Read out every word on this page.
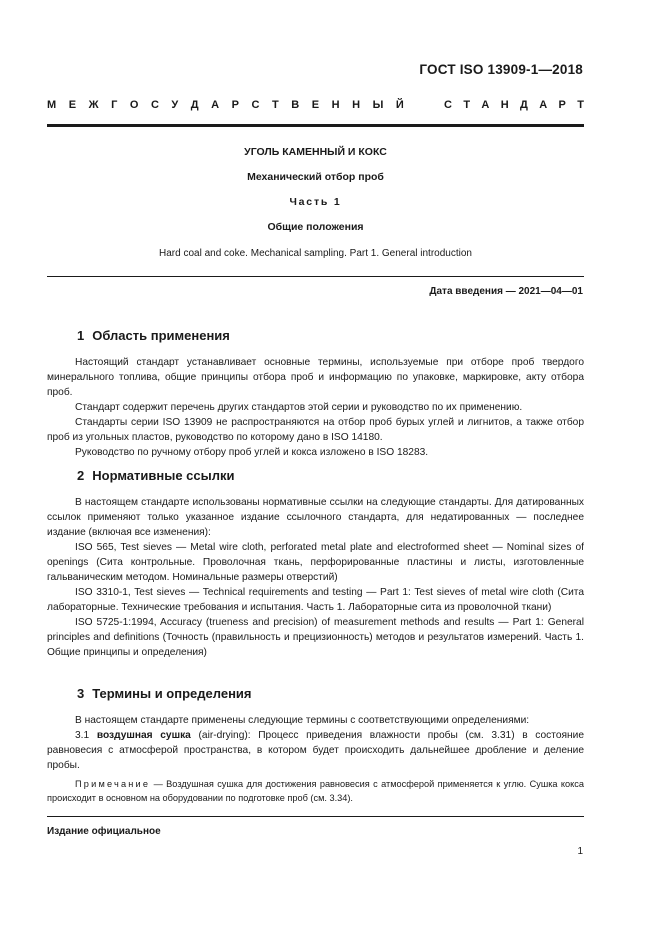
ГОСТ ISO 13909-1—2018
М Е Ж Г О С У Д А Р С Т В Е Н Н Ы Й	С Т А Н Д А Р Т
УГОЛЬ КАМЕННЫЙ И КОКС
Механический отбор проб
Часть 1
Общие положения
Hard coal and coke. Mechanical sampling. Part 1. General introduction
Дата введения — 2021—04—01
1 Область применения

Настоящий стандарт устанавливает основные термины, используемые при отборе проб твердого минерального топлива, общие принципы отбора проб и информацию по упаковке, маркировке, акту отбора проб.

Стандарт содержит перечень других стандартов этой серии и руководство по их применению.

Стандарты серии ISO 13909 не распространяются на отбор проб бурых углей и лигнитов, а также отбор проб из угольных пластов, руководство по которому дано в ISO 14180.

Руководство по ручному отбору проб углей и кокса изложено в ISO 18283.

2 Нормативные ссылки

В настоящем стандарте использованы нормативные ссылки на следующие стандарты. Для датированных ссылок применяют только указанное издание ссылочного стандарта, для недатированных — последнее издание (включая все изменения):

ISO 565, Test sieves — Metal wire cloth, perforated metal plate and electroformed sheet — Nominal sizes of openings (Сита контрольные. Проволочная ткань, перфорированные пластины и листы, изготовленные гальваническим методом. Номинальные размеры отверстий)

ISO 3310-1, Test sieves — Technical requirements and testing — Part 1: Test sieves of metal wire cloth (Сита лабораторные. Технические требования и испытания. Часть 1. Лабораторные сита из проволочной ткани)

ISO 5725-1:1994, Accuracy (trueness and precision) of measurement methods and results — Part 1: General principles and definitions (Точность (правильность и прецизионность) методов и результатов измерений. Часть 1. Общие принципы и определения)

3 Термины и определения

В настоящем стандарте применены следующие термины с соответствующими определениями:

3.1 воздушная сушка (air-drying): Процесс приведения влажности пробы (см. 3.31) в состояние равновесия с атмосферой пространства, в котором будет происходить дальнейшее дробление и деление пробы.

Примечание — Воздушная сушка для достижения равновесия с атмосферой применяется к углю. Сушка кокса происходит в основном на оборудовании по подготовке проб (см. 3.34).

Издание официальное
1
